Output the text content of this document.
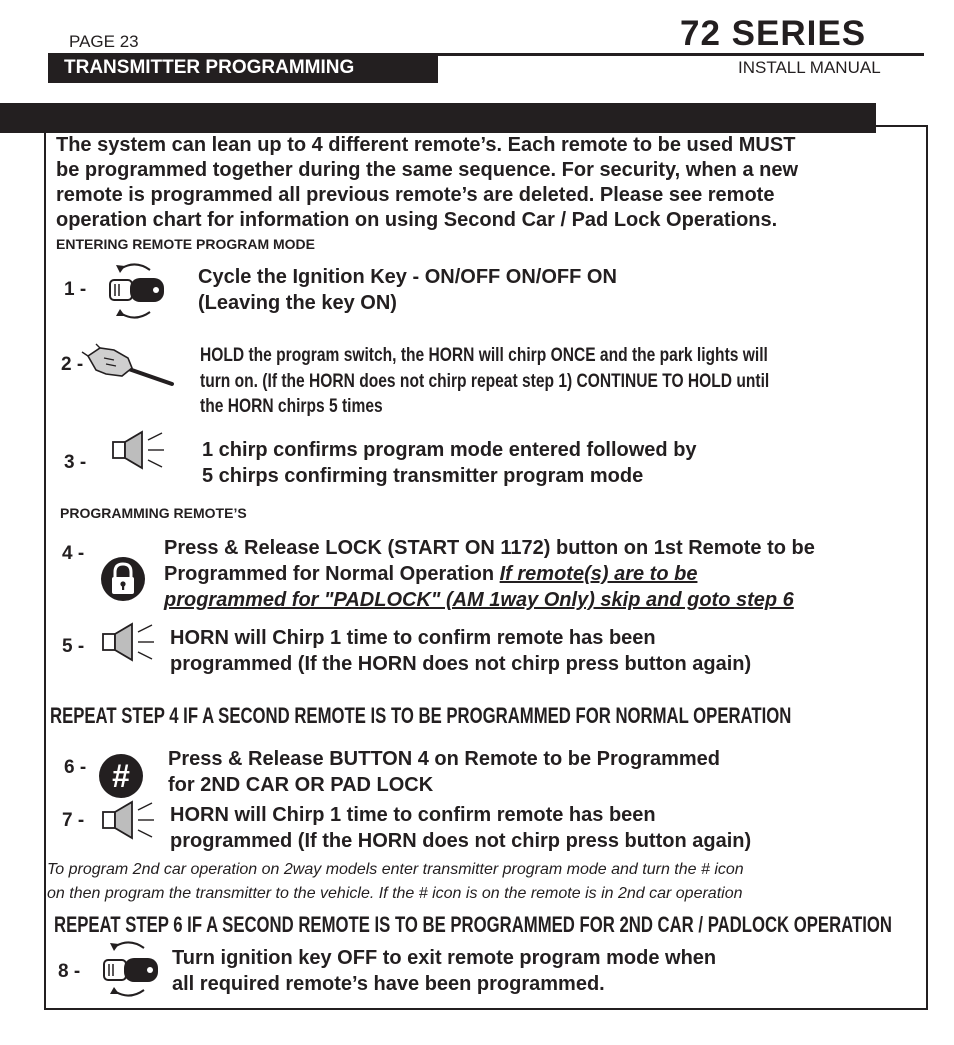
PAGE 23	72 SERIES
TRANSMITTER PROGRAMMING	INSTALL MANUAL
The system can lean up to 4 different remote’s. Each remote to be used MUST
be programmed together during the same sequence. For security, when a new
remote is programmed all previous remote’s are deleted. Please see remote
operation chart for information on using Second Car / Pad Lock Operations.
ENTERING REMOTE PROGRAM MODE
1 -
Cycle the Ignition Key - ON/OFF ON/OFF ON
(Leaving the key ON)
2 -	HOLD the program switch, the HORN will chirp ONCE and the park lights will
turn on. (If the HORN does not chirp repeat step 1) CONTINUE TO HOLD until
the HORN chirps 5 times
3 -
1 chirp confirms program mode entered followed by
5 chirps confirming transmitter program mode
PROGRAMMING REMOTE’S
4 -	Press & Release LOCK (START ON 1172) button on 1st Remote to be
Programmed for Normal Operation If remote(s) are to be
programmed for "PADLOCK" (AM 1way Only) skip and goto step 6
5 -	HORN will Chirp 1 time to confirm remote has been
programmed (If the HORN does not chirp press button again)
REPEAT STEP 4 IF A SECOND REMOTE IS TO BE PROGRAMMED FOR NORMAL OPERATION
6 - # Press & Release BUTTON 4 on Remote to be Programmed
for 2ND CAR OR PAD LOCK
7 -	HORN will Chirp 1 time to confirm remote has been
programmed (If the HORN does not chirp press button again)
To program 2nd car operation on 2way models enter transmitter program mode and turn the # icon
on then program the transmitter to the vehicle. If the # icon is on the remote is in 2nd car operation
REPEAT STEP 6 IF A SECOND REMOTE IS TO BE PROGRAMMED FOR 2ND CAR / PADLOCK OPERATION
8 -
Turn ignition key OFF to exit remote program mode when
all required remote’s have been programmed.
